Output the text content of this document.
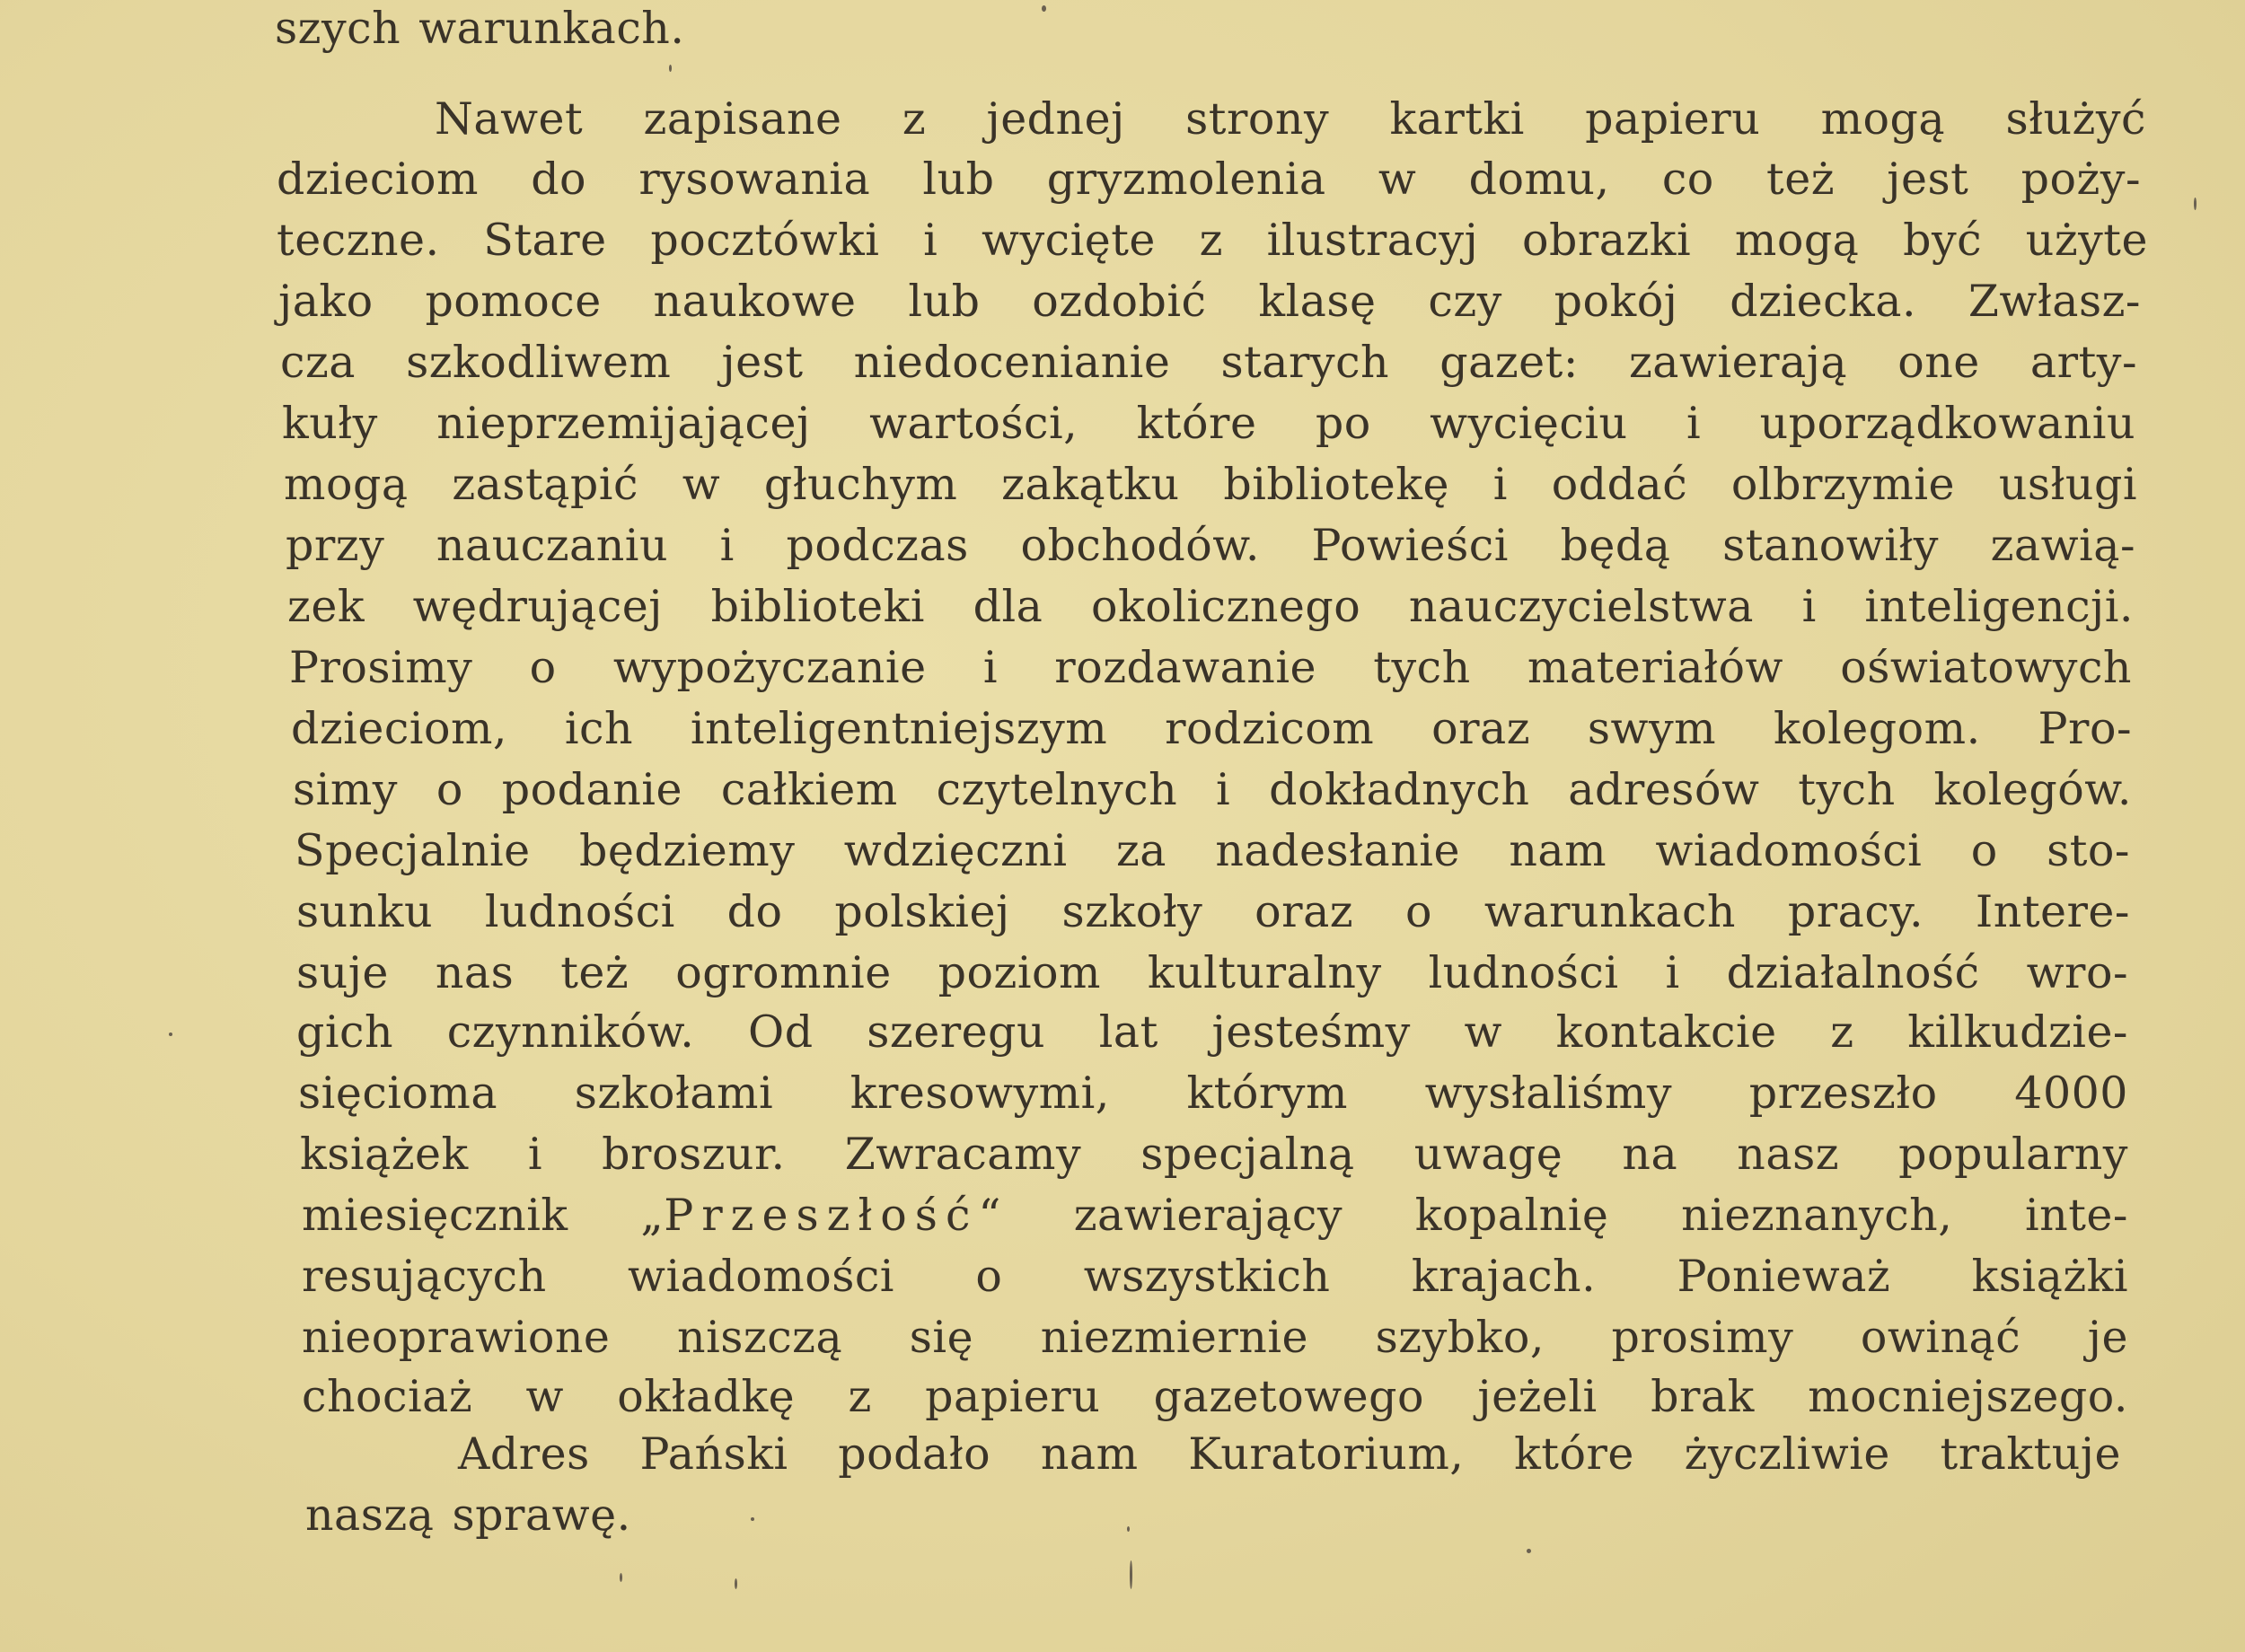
szych warunkach.
Nawet zapisane z jednej strony kartki papieru mogą służyć
dzieciom do rysowania lub gryzmolenia w domu, co też jest poży-
teczne. Stare pocztówki i wycięte z ilustracyj obrazki mogą być użyte
jako pomoce naukowe lub ozdobić klasę czy pokój dziecka. Zwłasz-
cza szkodliwem jest niedocenianie starych gazet: zawierają one arty-
kuły nieprzemijającej wartości, które po wycięciu i uporządkowaniu
mogą zastąpić w głuchym zakątku bibliotekę i oddać olbrzymie usługi
przy nauczaniu i podczas obchodów. Powieści będą stanowiły zawią-
zek wędrującej biblioteki dla okolicznego nauczycielstwa i inteligencji.
Prosimy o wypożyczanie i rozdawanie tych materiałów oświatowych
dzieciom, ich inteligentniejszym rodzicom oraz swym kolegom. Pro-
simy o podanie całkiem czytelnych i dokładnych adresów tych kolegów.
Specjalnie będziemy wdzięczni za nadesłanie nam wiadomości o sto-
sunku ludności do polskiej szkoły oraz o warunkach pracy. Intere-
suje nas też ogromnie poziom kulturalny ludności i działalność wro-
gich czynników. Od szeregu lat jesteśmy w kontakcie z kilkudzie-
sięcioma szkołami kresowymi, którym wysłaliśmy przeszło 4000
książek i broszur. Zwracamy specjalną uwagę na nasz popularny
miesięcznik „Przeszłość“ zawierający kopalnię nieznanych, inte-
resujących wiadomości o wszystkich krajach. Ponieważ książki
nieoprawione niszczą się niezmiernie szybko, prosimy owinąć je
chociaż w okładkę z papieru gazetowego jeżeli brak mocniejszego.
Adres Pański podało nam Kuratorium, które życzliwie traktuje
naszą sprawę.
